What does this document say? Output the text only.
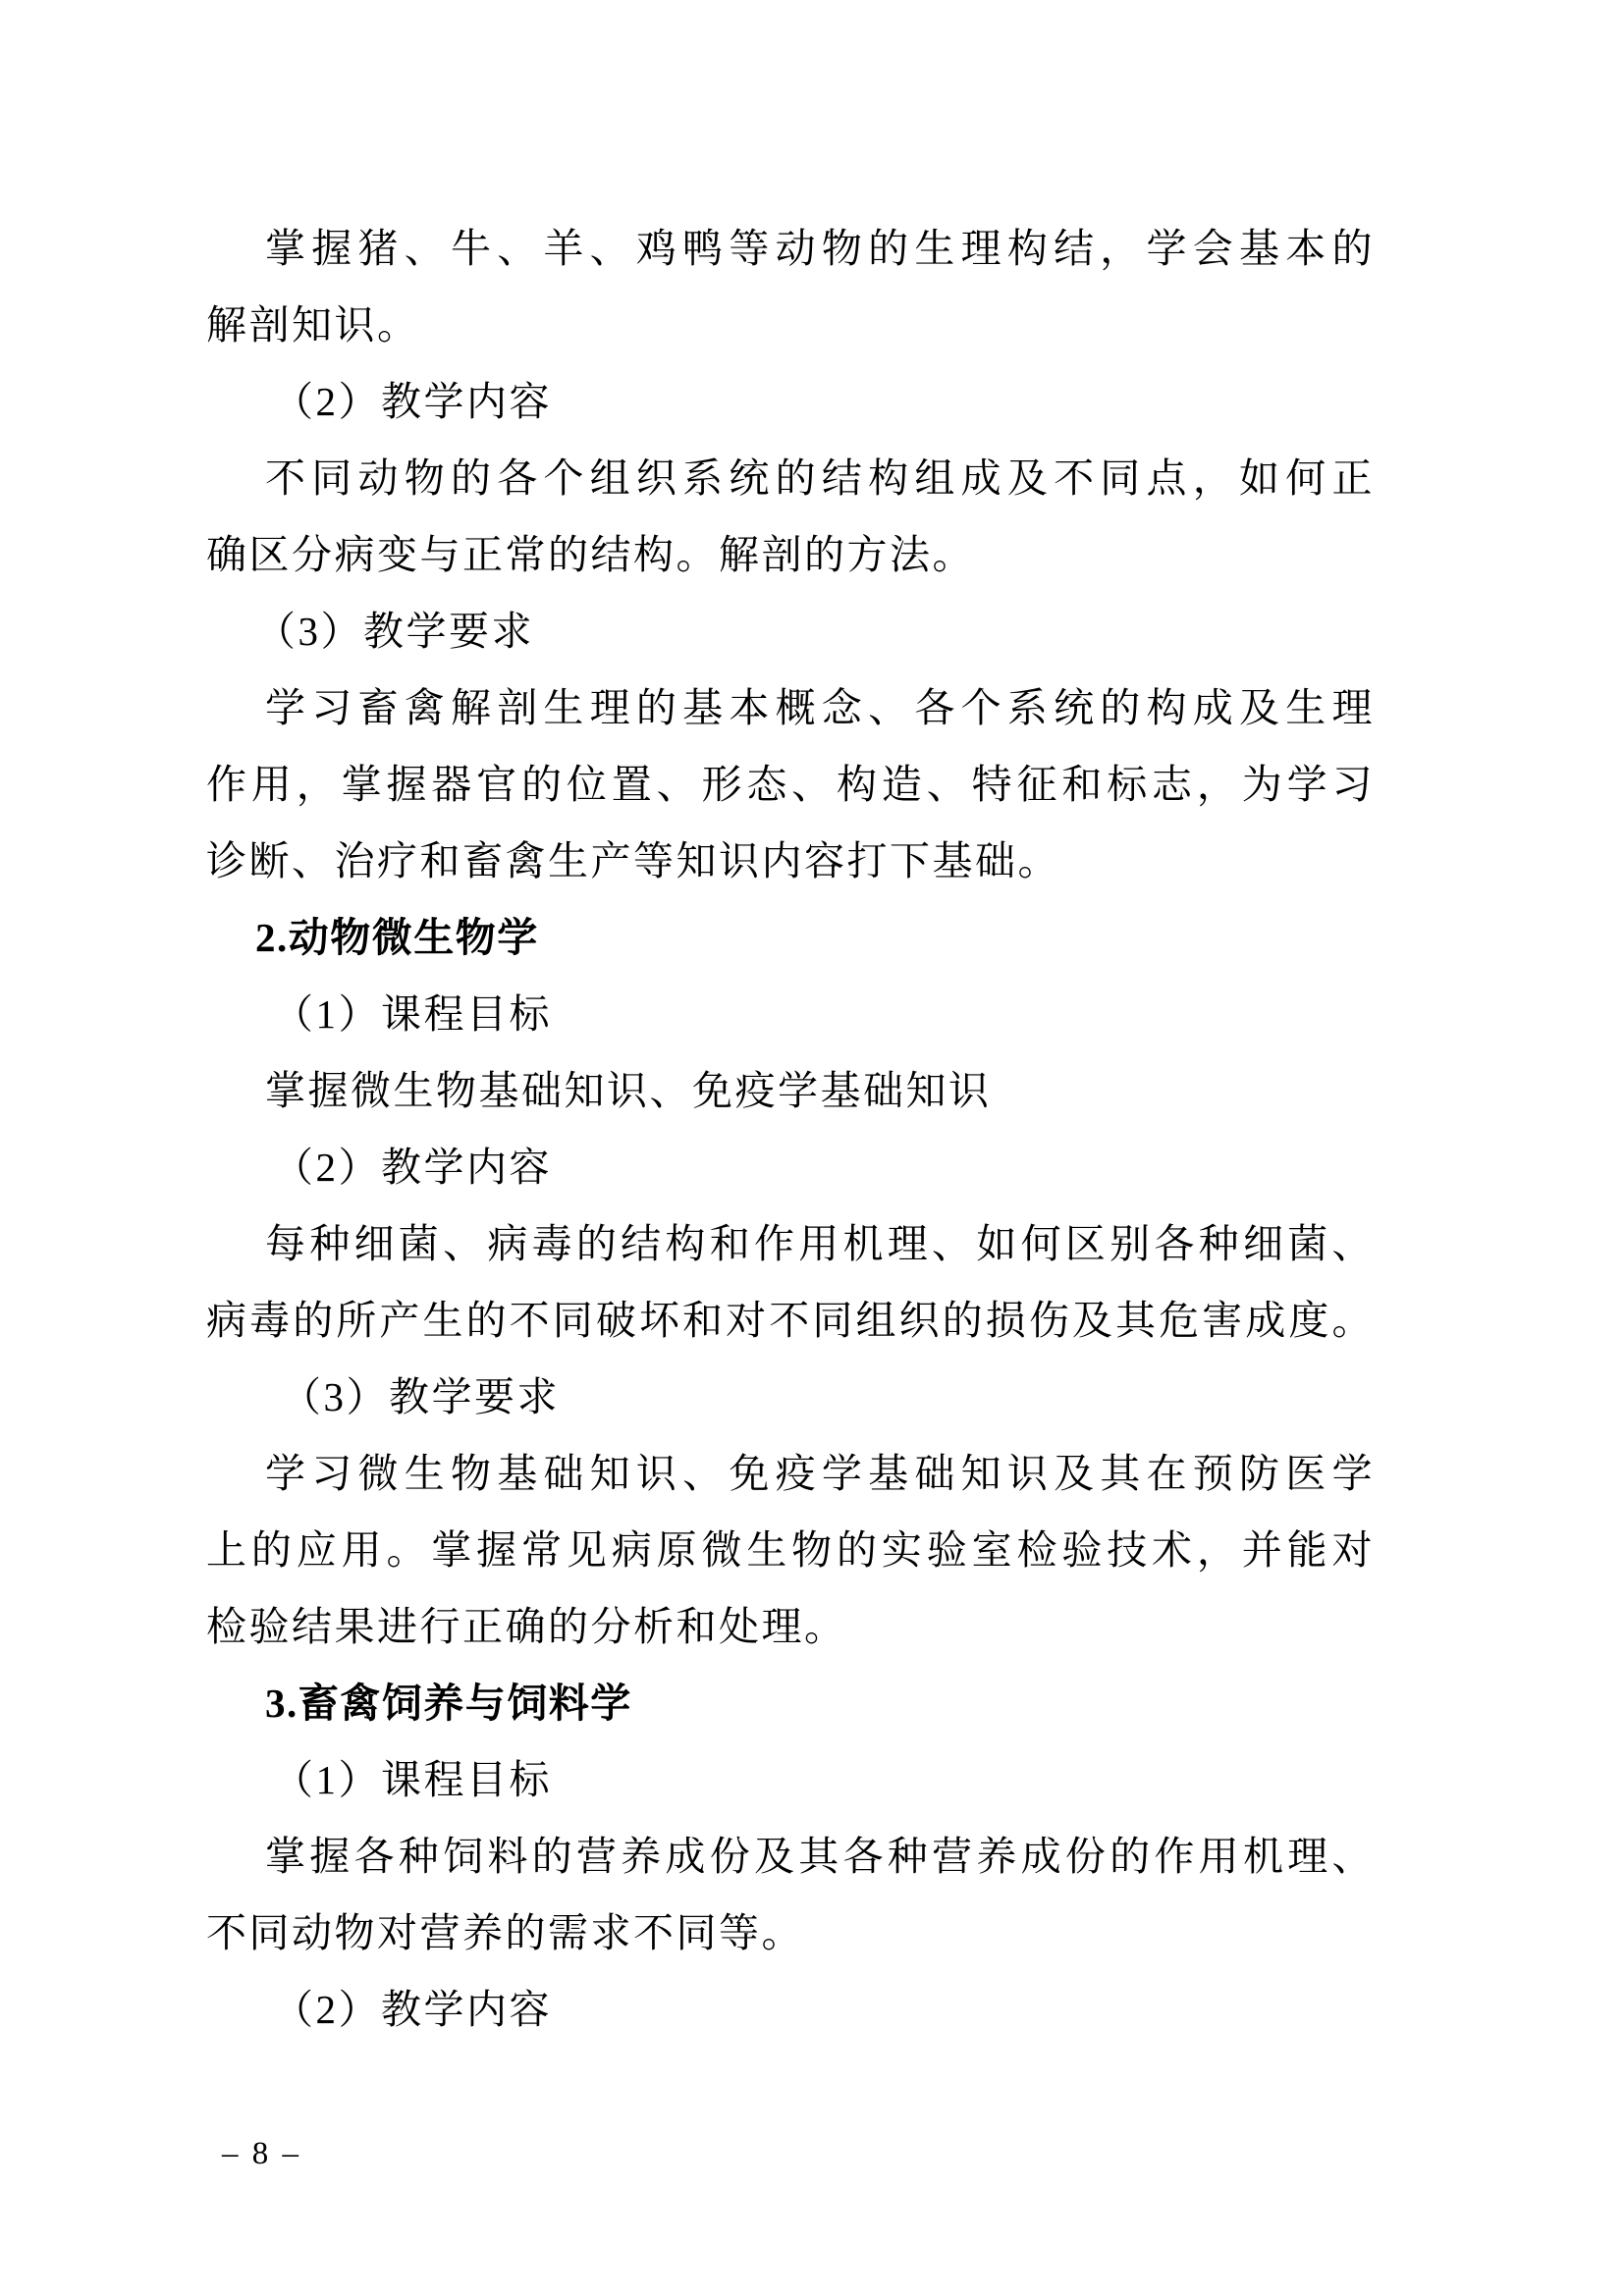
掌握猪、牛、羊、鸡鸭等动物的生理构结，学会基本的
解剖知识。
（2）教学内容
不同动物的各个组织系统的结构组成及不同点，如何正
确区分病变与正常的结构。解剖的方法。
（3）教学要求
学习畜禽解剖生理的基本概念、各个系统的构成及生理
作用，掌握器官的位置、形态、构造、特征和标志，为学习
诊断、治疗和畜禽生产等知识内容打下基础。
2.动物微生物学
（1）课程目标
掌握微生物基础知识、免疫学基础知识
（2）教学内容
每种细菌、病毒的结构和作用机理、如何区别各种细菌、
病毒的所产生的不同破坏和对不同组织的损伤及其危害成度。
（3）教学要求
学习微生物基础知识、免疫学基础知识及其在预防医学
上的应用。掌握常见病原微生物的实验室检验技术，并能对
检验结果进行正确的分析和处理。
3.畜禽饲养与饲料学
（1）课程目标
掌握各种饲料的营养成份及其各种营养成份的作用机理、
不同动物对营养的需求不同等。
（2）教学内容
– 8 –
